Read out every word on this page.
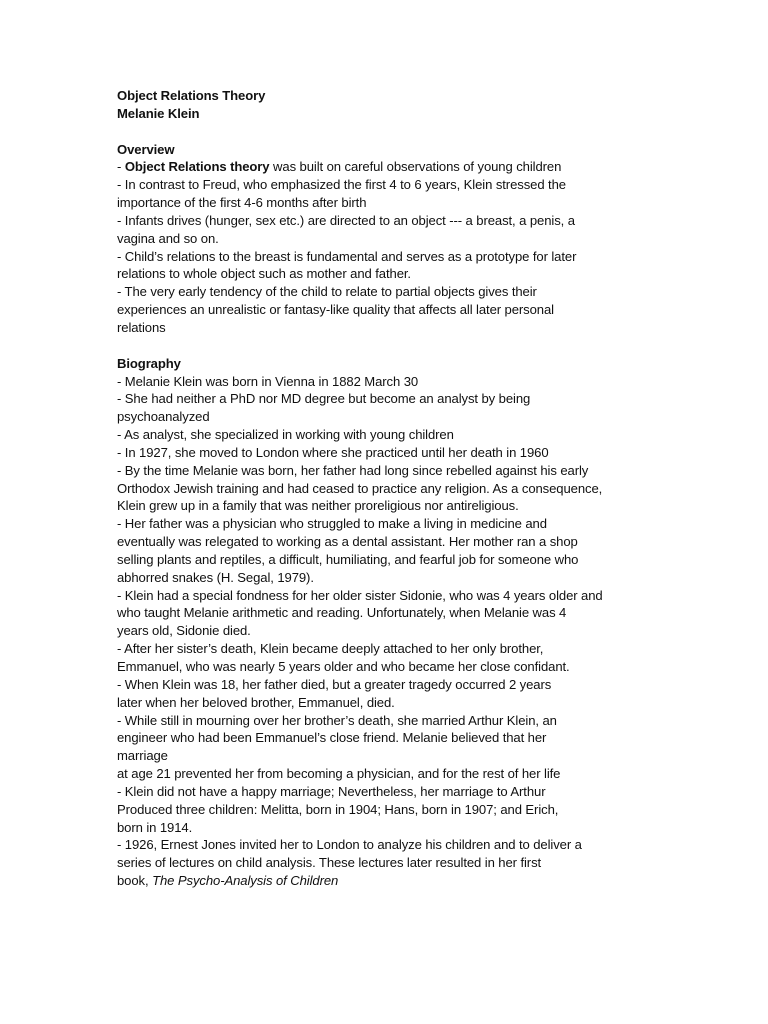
Object Relations Theory
Melanie Klein
Overview
- Object Relations theory was built on careful observations of young children
- In contrast to Freud, who emphasized the first 4 to 6 years, Klein stressed the
importance of the first 4-6 months after birth
- Infants drives (hunger, sex etc.) are directed to an object --- a breast, a penis, a
vagina and so on.
- Child’s relations to the breast is fundamental and serves as a prototype for later
relations to whole object such as mother and father.
- The very early tendency of the child to relate to partial objects gives their
experiences an unrealistic or fantasy-like quality that affects all later personal
relations
Biography
- Melanie Klein was born in Vienna in 1882 March 30
- She had neither a PhD nor MD degree but become an analyst by being
psychoanalyzed
- As analyst, she specialized in working with young children
- In 1927, she moved to London where she practiced until her death in 1960
- By the time Melanie was born, her father had long since rebelled against his early
Orthodox Jewish training and had ceased to practice any religion. As a consequence,
Klein grew up in a family that was neither proreligious nor antireligious.
- Her father was a physician who struggled to make a living in medicine and
eventually was relegated to working as a dental assistant. Her mother ran a shop
selling plants and reptiles, a difficult, humiliating, and fearful job for someone who
abhorred snakes (H. Segal, 1979).
- Klein had a special fondness for her older sister Sidonie, who was 4 years older and
who taught Melanie arithmetic and reading. Unfortunately, when Melanie was 4
years old, Sidonie died.
- After her sister’s death, Klein became deeply attached to her only brother,
Emmanuel, who was nearly 5 years older and who became her close confidant.
- When Klein was 18, her father died, but a greater tragedy occurred 2 years
later when her beloved brother, Emmanuel, died.
- While still in mourning over her brother’s death, she married Arthur Klein, an
engineer who had been Emmanuel’s close friend. Melanie believed that her
marriage
at age 21 prevented her from becoming a physician, and for the rest of her life
- Klein did not have a happy marriage; Nevertheless, her marriage to Arthur
Produced three children: Melitta, born in 1904; Hans, born in 1907; and Erich,
born in 1914.
- 1926, Ernest Jones invited her to London to analyze his children and to deliver a
series of lectures on child analysis. These lectures later resulted in her first
book, The Psycho-Analysis of Children
